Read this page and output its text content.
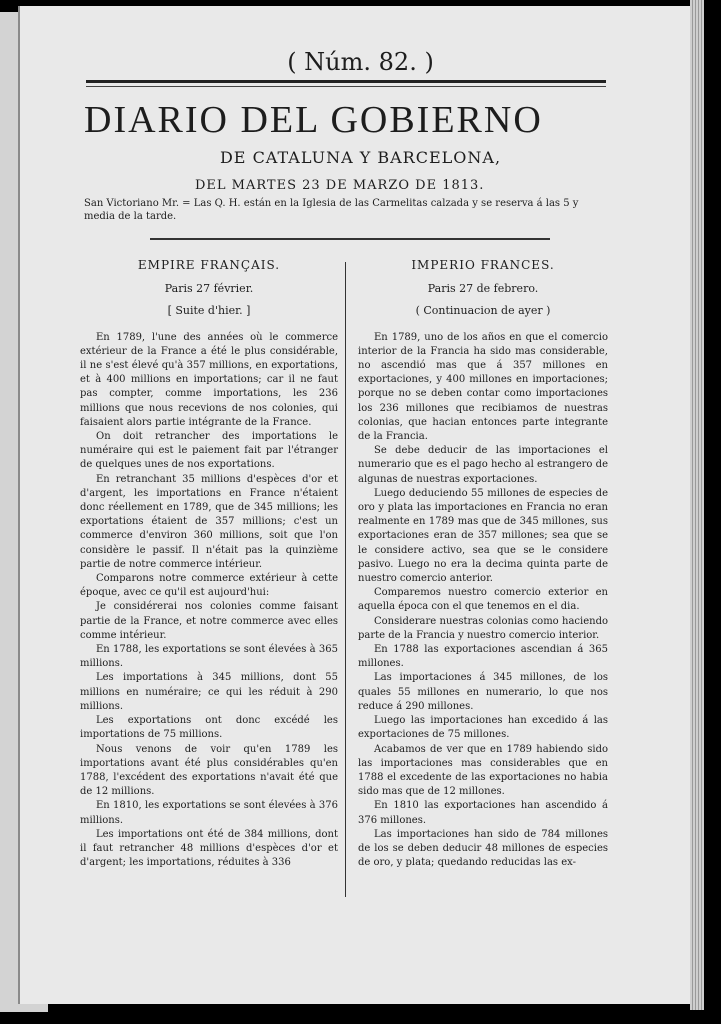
( Núm. 82. )
DIARIO DEL GOBIERNO
DE CATALUNA Y BARCELONA,
DEL MARTES 23 DE MARZO DE 1813.
San Victoriano Mr. = Las Q. H. están en la Iglesia de las Carmelitas calzada y se reserva á las 5 y media de la tarde.
EMPIRE FRANÇAIS.
Paris 27 février.
[ Suite d'hier. ]

En 1789, l'une des années où le commerce extérieur de la France a été le plus considérable, il ne s'est élevé qu'à 357 millions, en exportations, et à 400 millions en importations; car il ne faut pas compter, comme importations, les 236 millions que nous recevions de nos colonies, qui faisaient alors partie intégrante de la France.

On doit retrancher des importations le numéraire qui est le paiement fait par l'étranger de quelques unes de nos exportations.

En retranchant 35 millions d'espèces d'or et d'argent, les importations en France n'étaient donc réellement en 1789, que de 345 millions; les exportations étaient de 357 millions; c'est un commerce d'environ 360 millions, soit que l'on considère le passif. Il n'était pas la quinzième partie de notre commerce intérieur.

Comparons notre commerce extérieur à cette époque, avec ce qu'il est aujourd'hui:

Je considérerai nos colonies comme faisant partie de la France, et notre commerce avec elles comme intérieur.

En 1788, les exportations se sont élevées à 365 millions.

Les importations à 345 millions, dont 55 millions en numéraire; ce qui les réduit à 290 millions.

Les exportations ont donc excédé les importations de 75 millions.

Nous venons de voir qu'en 1789 les importations avant été plus considérables qu'en 1788, l'excédent des exportations n'avait été que de 12 millions.

En 1810, les exportations se sont élevées à 376 millions.

Les importations ont été de 384 millions, dont il faut retrancher 48 millions d'espèces d'or et d'argent; les importations, réduites à 336

IMPERIO FRANCES.
Paris 27 de febrero.
( Continuacion de ayer )

En 1789, uno de los años en que el comercio interior de la Francia ha sido mas considerable, no ascendió mas que á 357 millones en exportaciones, y 400 millones en importaciones; porque no se deben contar como importaciones los 236 millones que recibiamos de nuestras colonias, que hacian entonces parte integrante de la Francia.

Se debe deducir de las importaciones el numerario que es el pago hecho al estrangero de algunas de nuestras exportaciones.

Luego deduciendo 55 millones de especies de oro y plata las importaciones en Francia no eran realmente en 1789 mas que de 345 millones, sus exportaciones eran de 357 millones; sea que se le considere activo, sea que se le considere pasivo. Luego no era la decima quinta parte de nuestro comercio anterior.

Comparemos nuestro comercio exterior en aquella época con el que tenemos en el dia.

Considerare nuestras colonias como haciendo parte de la Francia y nuestro comercio interior.

En 1788 las exportaciones ascendian á 365 millones.

Las importaciones á 345 millones, de los quales 55 millones en numerario, lo que nos reduce á 290 millones.

Luego las importaciones han excedido á las exportaciones de 75 millones.

Acabamos de ver que en 1789 habiendo sido las importaciones mas considerables que en 1788 el excedente de las exportaciones no habia sido mas que de 12 millones.

En 1810 las exportaciones han ascendido á 376 millones.

Las importaciones han sido de 784 millones de los se deben deducir 48 millones de especies de oro, y plata; quedando reducidas las ex-
